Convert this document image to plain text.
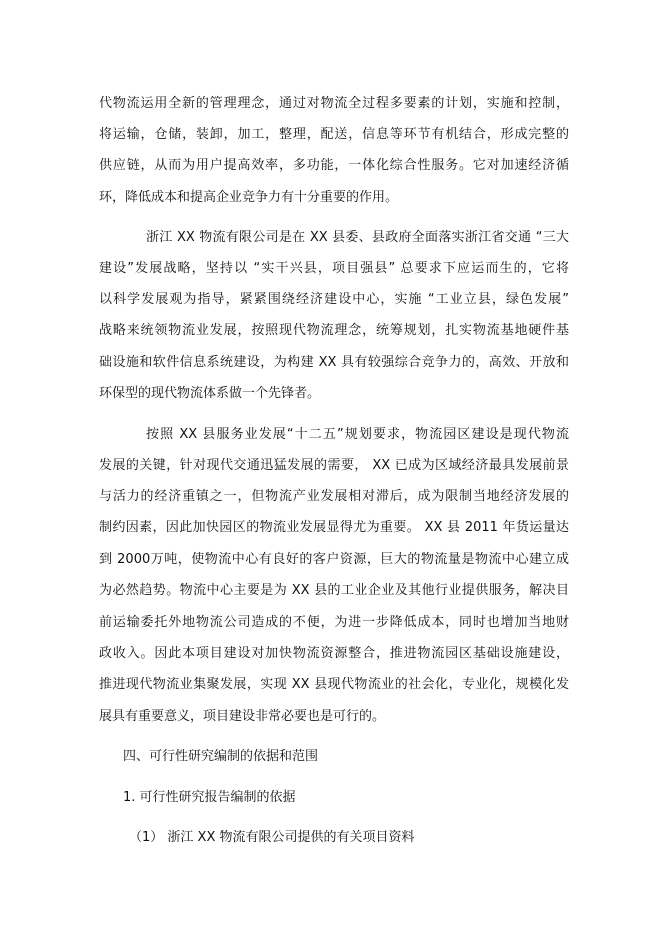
代物流运用全新的管理理念，通过对物流全过程多要素的计划，实施和控制，
将运输，仓储，装卸，加工，整理，配送，信息等环节有机结合，形成完整的
供应链，从而为用户提高效率，多功能，一体化综合性服务。它对加速经济循
环，降低成本和提高企业竞争力有十分重要的作用。
浙江 XX 物流有限公司是在 XX 县委、县政府全面落实浙江省交通 “三大
建设”发展战略，坚持以 “实干兴县，项目强县” 总要求下应运而生的，它将
以科学发展观为指导，紧紧围绕经济建设中心，实施 “工业立县，绿色发展”
战略来统领物流业发展，按照现代物流理念，统筹规划，扎实物流基地硬件基
础设施和软件信息系统建设，为构建 XX 具有较强综合竞争力的，高效、开放和
环保型的现代物流体系做一个先锋者。
按照 XX 县服务业发展“十二五”规划要求，物流园区建设是现代物流
发展的关键，针对现代交通迅猛发展的需要， XX 已成为区域经济最具发展前景
与活力的经济重镇之一，但物流产业发展相对滞后，成为限制当地经济发展的
制约因素，因此加快园区的物流业发展显得尤为重要。 XX 县 2011 年货运量达
到 2000万吨，使物流中心有良好的客户资源，巨大的物流量是物流中心建立成
为必然趋势。物流中心主要是为 XX 县的工业企业及其他行业提供服务，解决目
前运输委托外地物流公司造成的不便，为进一步降低成本，同时也增加当地财
政收入。因此本项目建设对加快物流资源整合，推进物流园区基础设施建设，
推进现代物流业集聚发展，实现 XX 县现代物流业的社会化，专业化，规模化发
展具有重要意义，项目建设非常必要也是可行的。
四、可行性研究编制的依据和范围
1. 可行性研究报告编制的依据
（1） 浙江 XX 物流有限公司提供的有关项目资料
